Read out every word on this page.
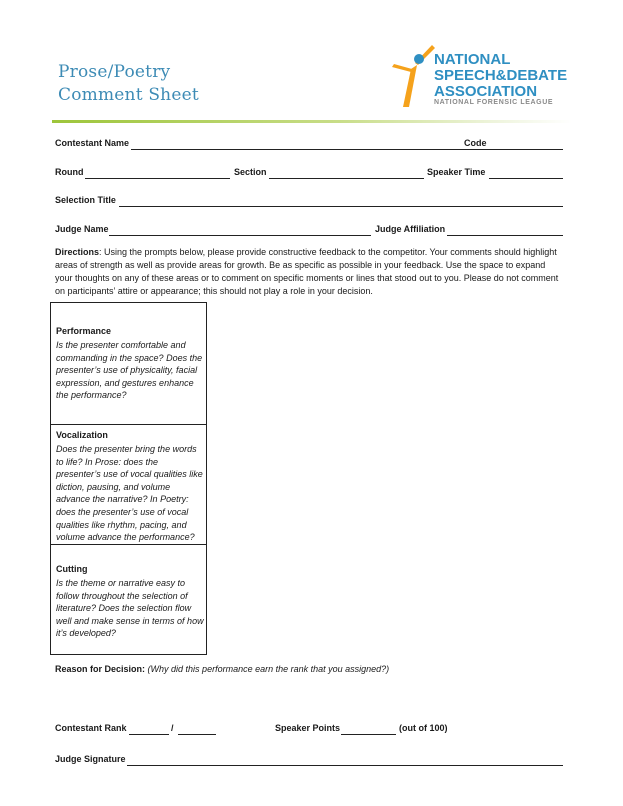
Prose/Poetry
Comment Sheet
NATIONAL
SPEECH&DEBATE
ASSOCIATION
NATIONAL FORENSIC LEAGUE
Contestant Name	Code
Round	Section	Speaker Time
Selection Title
Judge Name	Judge Affiliation
Directions: Using the prompts below, please provide constructive feedback to the competitor. Your comments should highlight areas of strength as well as provide areas for growth. Be as specific as possible in your feedback. Use the space to expand your thoughts on any of these areas or to comment on specific moments or lines that stood out to you. Please do not comment on participants’ attire or appearance; this should not play a role in your decision.
Performance
Is the presenter comfortable and commanding in the space? Does the presenter’s use of physicality, facial expression, and gestures enhance the performance?
Vocalization
Does the presenter bring the words to life? In Prose: does the presenter’s use of vocal qualities like diction, pausing, and volume advance the narrative? In Poetry: does the presenter’s use of vocal qualities like rhythm, pacing, and volume advance the performance?
Cutting
Is the theme or narrative easy to follow throughout the selection of literature? Does the selection flow well and make sense in terms of how it’s developed?
Reason for Decision: (Why did this performance earn the rank that you assigned?)
Contestant Rank	/	Speaker Points	(out of 100)
Judge Signature
